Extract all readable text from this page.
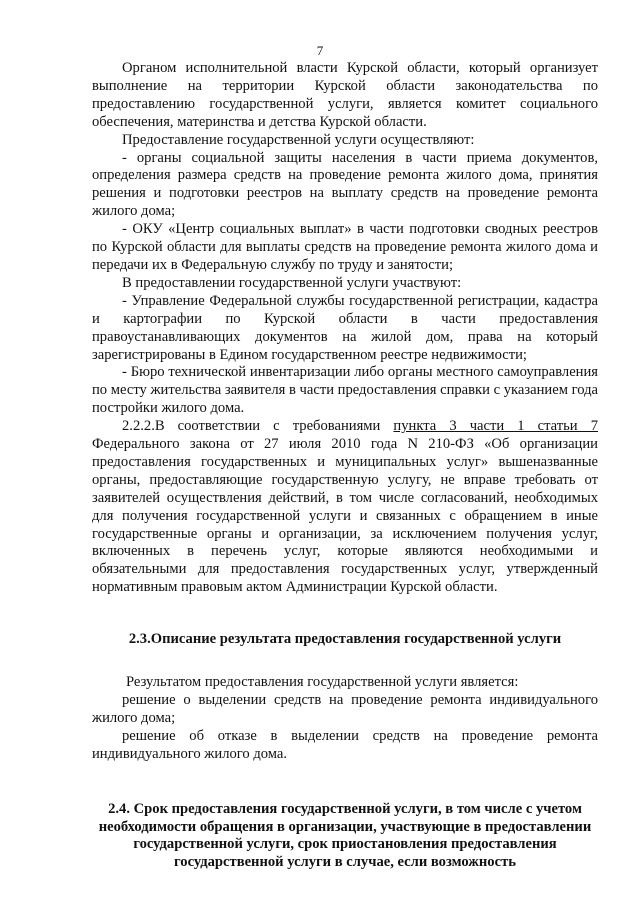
7

Органом исполнительной власти Курской области, который организует выполнение на территории Курской области законодательства по предоставлению государственной услуги, является комитет социального обеспечения, материнства и детства Курской области.

Предоставление государственной услуги осуществляют:

- органы социальной защиты населения в части приема документов, определения размера средств на проведение ремонта жилого дома, принятия решения и подготовки реестров на выплату средств на проведение ремонта жилого дома;

- ОКУ «Центр социальных выплат» в части подготовки сводных реестров по Курской области для выплаты средств на проведение ремонта жилого дома и передачи их в Федеральную службу по труду и занятости;

В предоставлении государственной услуги участвуют:

- Управление Федеральной службы государственной регистрации, кадастра и картографии по Курской области в части предоставления правоустанавливающих документов на жилой дом, права на который зарегистрированы в Едином государственном реестре недвижимости;

- Бюро технической инвентаризации либо органы местного самоуправления по месту жительства заявителя в части предоставления справки с указанием года постройки жилого дома.

2.2.2.В соответствии с требованиями пункта 3 части 1 статьи 7 Федерального закона от 27 июля 2010 года N 210-ФЗ «Об организации предоставления государственных и муниципальных услуг» вышеназванные органы, предоставляющие государственную услугу, не вправе требовать от заявителей осуществления действий, в том числе согласований, необходимых для получения государственной услуги и связанных с обращением в иные государственные органы и организации, за исключением получения услуг, включенных в перечень услуг, которые являются необходимыми и обязательными для предоставления государственных услуг, утвержденный нормативным правовым актом Администрации Курской области.

2.3.Описание результата предоставления государственной услуги

Результатом предоставления государственной услуги является:

решение о выделении средств на проведение ремонта индивидуального жилого дома;

решение об отказе в выделении средств на проведение ремонта индивидуального жилого дома.

2.4. Срок предоставления государственной услуги, в том числе с учетом необходимости обращения в организации, участвующие в предоставлении государственной услуги, срок приостановления предоставления государственной услуги в случае, если возможность
